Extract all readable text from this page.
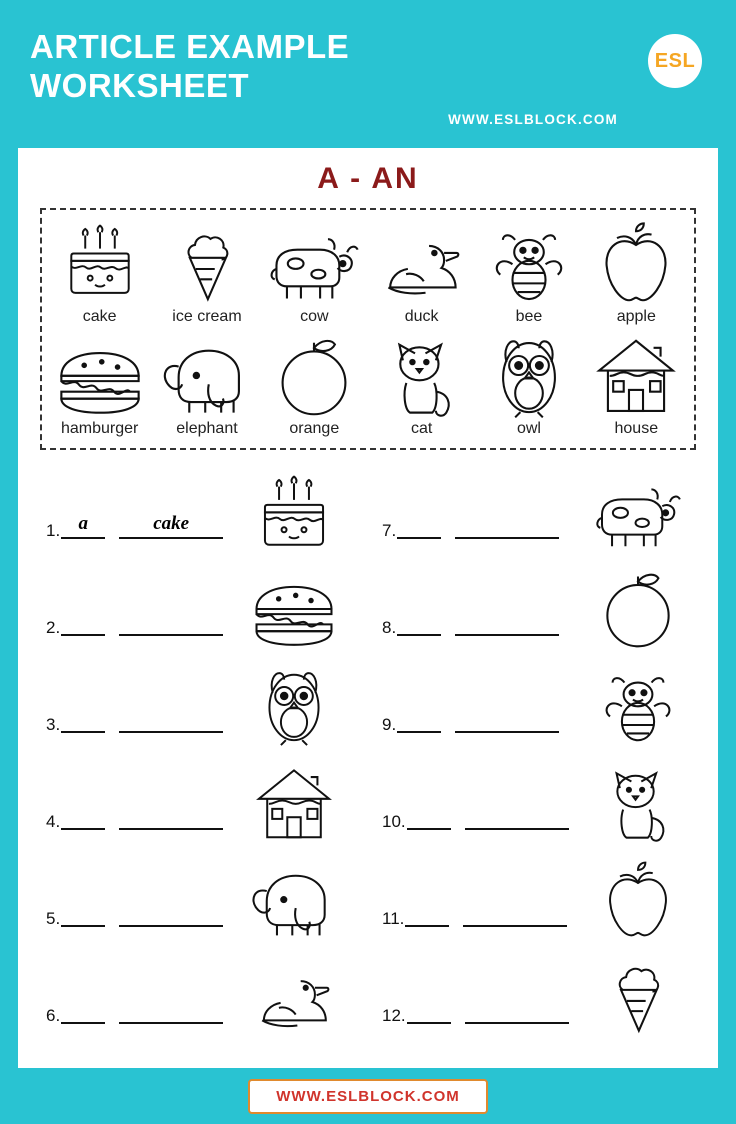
ARTICLE EXAMPLE WORKSHEET
WWW.ESLBLOCK.COM
ESL
A - AN
cake	ice cream	cow	duck	bee	apple
hamburger	elephant	orange	cat	owl	house
1. a	cake
2.
3.
4.
5.
6.
7.
8.
9.
10.
11.
12.
WWW.ESLBLOCK.COM
